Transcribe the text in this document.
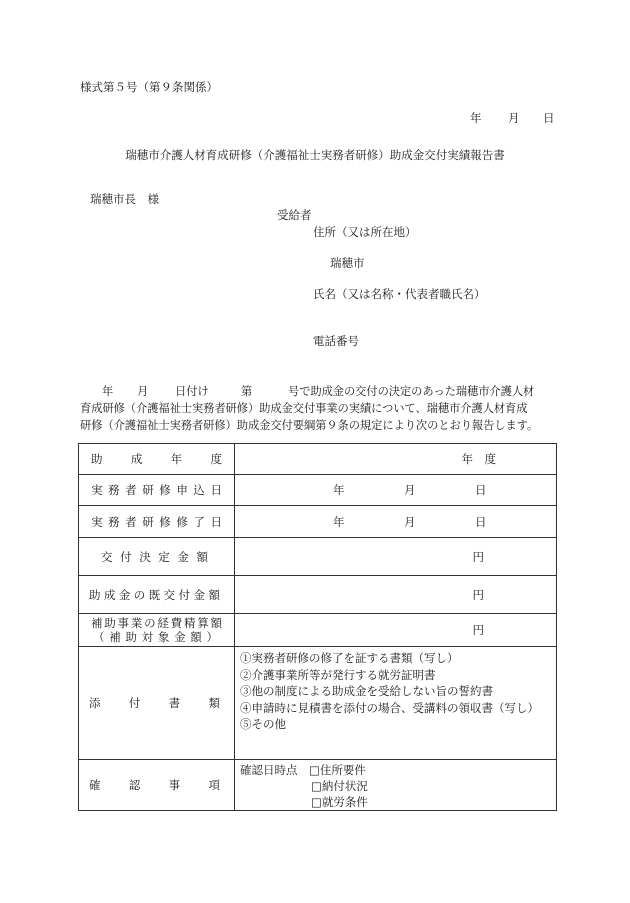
様式第５号（第９条関係）
年 月 日
瑞穂市介護人材育成研修（介護福祉士実務者研修）助成金交付実績報告書
瑞穂市長　様
受給者
住所（又は所在地）
瑞穂市
氏名（又は名称・代表者職氏名）
電話番号
年 月 日付け	第	号で助成金の交付の決定のあった瑞穂市介護人材
育成研修（介護福祉士実務者研修）助成金交付事業の実績について、瑞穂市介護人材育成
研修（介護福祉士実務者研修）助成金交付要綱第９条の規定により次のとおり報告します。
助成年度	年　度
実務者研修申込日	年 月 日
実務者研修修了日	年 月 日
交付決定金額	円
助成金の既交付金額	円

補助事業の経費精算額
（補助対象金額）	円
添付書類	①実務者研修の修了を証する書類（写し）
②介護事業所等が発行する就労証明書
③他の制度による助成金を受給しない旨の誓約書
④申請時に見積書を添付の場合、受講料の領収書（写し）
⑤その他

確認事項	確認日時点　 □住所要件
□納付状況
□就労条件
